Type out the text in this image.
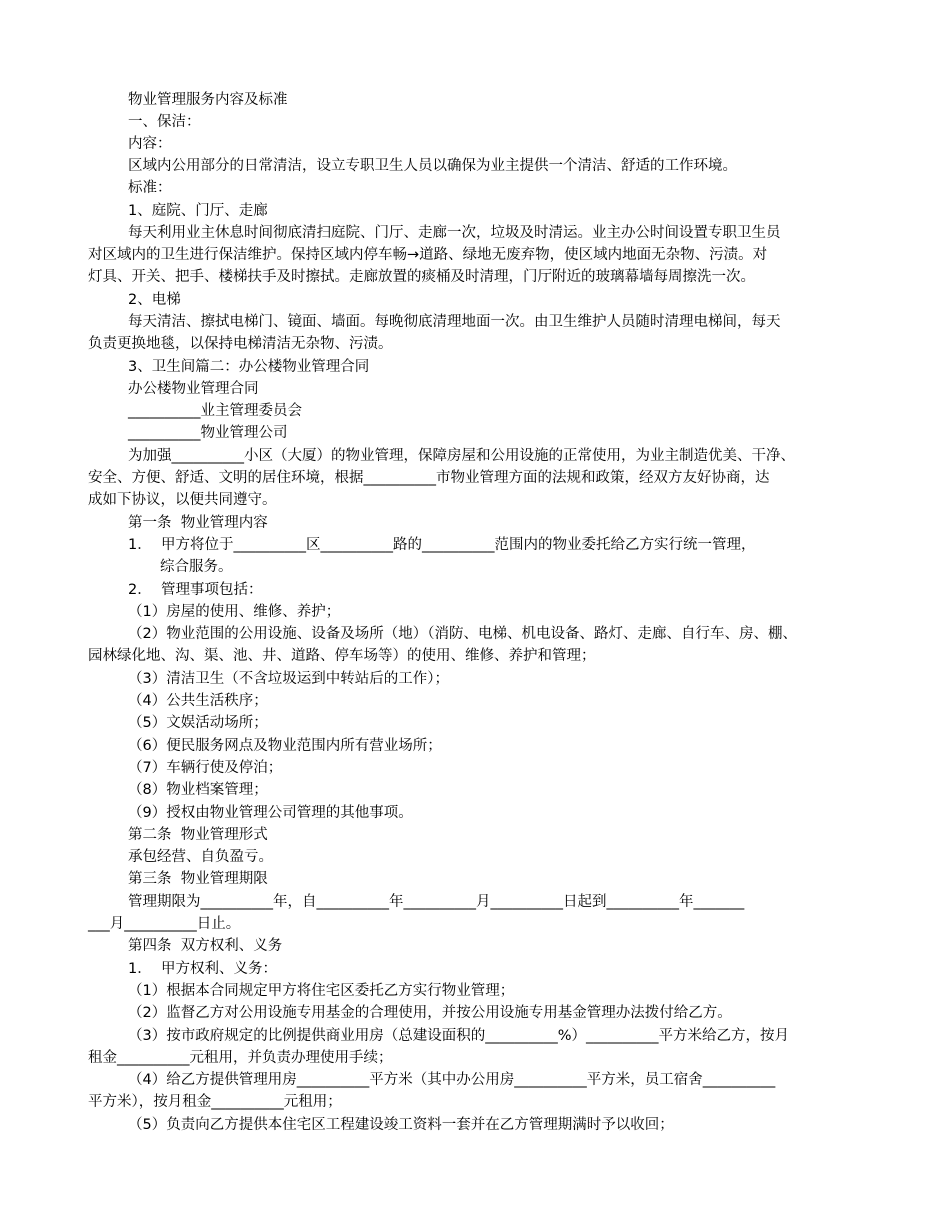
物业管理服务内容及标准
一、保洁：
内容：
区域内公用部分的日常清洁，设立专职卫生人员以确保为业主提供一个清洁、舒适的工作环境。
标准：
1、庭院、门厅、走廊
每天利用业主休息时间彻底清扫庭院、门厅、走廊一次，垃圾及时清运。业主办公时间设置专职卫生员
对区域内的卫生进行保洁维护。保持区域内停车畅→道路、绿地无废弃物，使区域内地面无杂物、污渍。对
灯具、开关、把手、楼梯扶手及时擦拭。走廊放置的痰桶及时清理，门厅附近的玻璃幕墙每周擦洗一次。
2、电梯
每天清洁、擦拭电梯门、镜面、墙面。每晚彻底清理地面一次。由卫生维护人员随时清理电梯间，每天
负责更换地毯，以保持电梯清洁无杂物、污渍。
3、卫生间篇二：办公楼物业管理合同
办公楼物业管理合同
__________业主管理委员会
__________物业管理公司
为加强__________小区（大厦）的物业管理，保障房屋和公用设施的正常使用，为业主制造优美、干净、
安全、方便、舒适、文明的居住环境，根据__________市物业管理方面的法规和政策，经双方友好协商，达
成如下协议，以便共同遵守。
第一条  物业管理内容
1．  甲方将位于__________区__________路的__________范围内的物业委托给乙方实行统一管理，
综合服务。
2．  管理事项包括：
（1）房屋的使用、维修、养护；
（2）物业范围的公用设施、设备及场所（地）（消防、电梯、机电设备、路灯、走廊、自行车、房、棚、
园林绿化地、沟、渠、池、井、道路、停车场等）的使用、维修、养护和管理；
（3）清洁卫生（不含垃圾运到中转站后的工作）；
（4）公共生活秩序；
（5）文娱活动场所；
（6）便民服务网点及物业范围内所有营业场所；
（7）车辆行使及停泊；
（8）物业档案管理；
（9）授权由物业管理公司管理的其他事项。
第二条  物业管理形式
承包经营、自负盈亏。
第三条  物业管理期限
管理期限为__________年，自__________年__________月__________日起到__________年_______
___月__________日止。
第四条  双方权利、义务
1．  甲方权利、义务：
（1）根据本合同规定甲方将住宅区委托乙方实行物业管理；
（2）监督乙方对公用设施专用基金的合理使用，并按公用设施专用基金管理办法拨付给乙方。
（3）按市政府规定的比例提供商业用房（总建设面积的__________%）__________平方米给乙方，按月
租金__________元租用，并负责办理使用手续；
（4）给乙方提供管理用房__________平方米（其中办公用房__________平方米，员工宿舍__________
平方米），按月租金__________元租用；
（5）负责向乙方提供本住宅区工程建设竣工资料一套并在乙方管理期满时予以收回；
